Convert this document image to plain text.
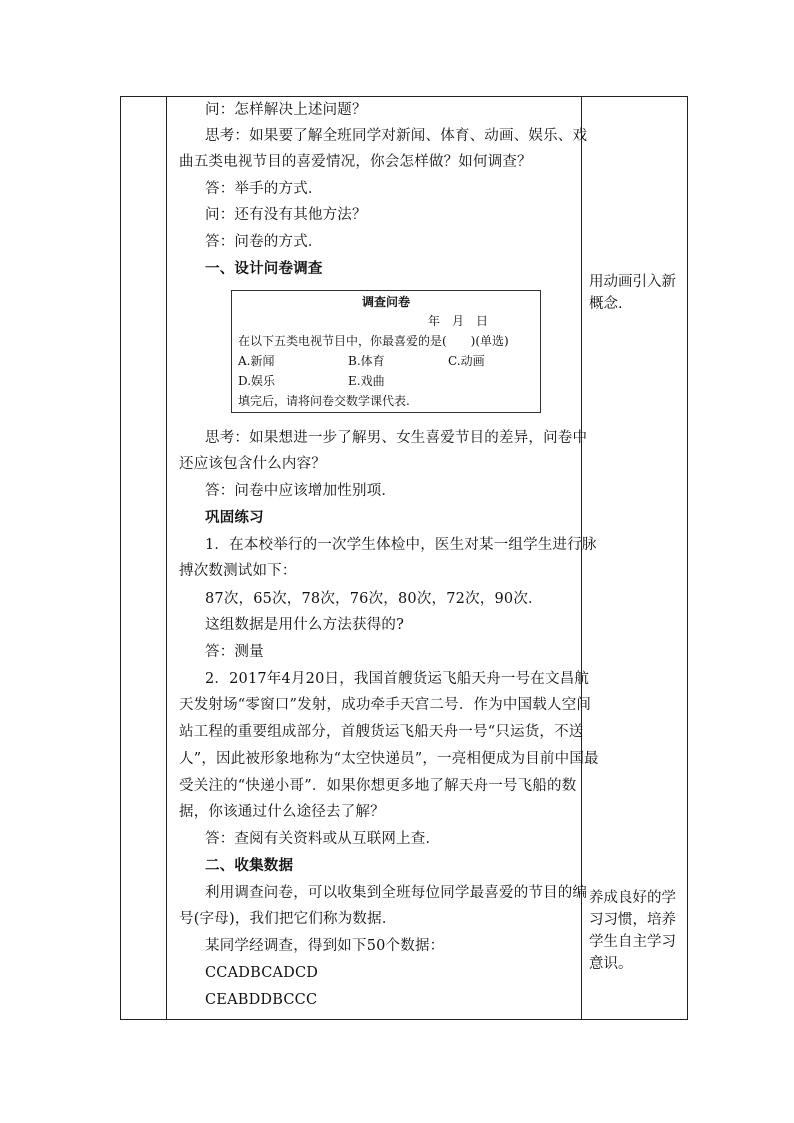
问：怎样解决上述问题？
思考：如果要了解全班同学对新闻、体育、动画、娱乐、戏
曲五类电视节目的喜爱情况，你会怎样做？如何调查？
答：举手的方式．
问：还有没有其他方法？
答：问卷的方式．
一、设计问卷调查
调查问卷
年　月　日
在以下五类电视节目中，你最喜爱的是(　　)(单选)
A.新闻	B.体育	C.动画
D.娱乐	E.戏曲
填完后，请将问卷交数学课代表.
思考：如果想进一步了解男、女生喜爱节目的差异，问卷中
还应该包含什么内容？
答：问卷中应该增加性别项．
巩固练习
1．在本校举行的一次学生体检中，医生对某一组学生进行脉
搏次数测试如下：
87次，65次，78次，76次，80次，72次，90次．
这组数据是用什么方法获得的?
答：测量
2．2017年4月20日，我国首艘货运飞船天舟一号在文昌航
天发射场“零窗口”发射，成功牵手天宫二号．作为中国载人空间
站工程的重要组成部分，首艘货运飞船天舟一号“只运货，不送
人”，因此被形象地称为“太空快递员”，一亮相便成为目前中国最
受关注的“快递小哥”．如果你想更多地了解天舟一号飞船的数
据，你该通过什么途径去了解？
答：查阅有关资料或从互联网上查．
二、收集数据
利用调查问卷，可以收集到全班每位同学最喜爱的节目的编
号(字母)，我们把它们称为数据．
某同学经调查，得到如下50个数据：
CCADBCADCD
CEABDDBCCC
用动画引入新
概念.
养成良好的学
习习惯，培养
学生自主学习
意识。
